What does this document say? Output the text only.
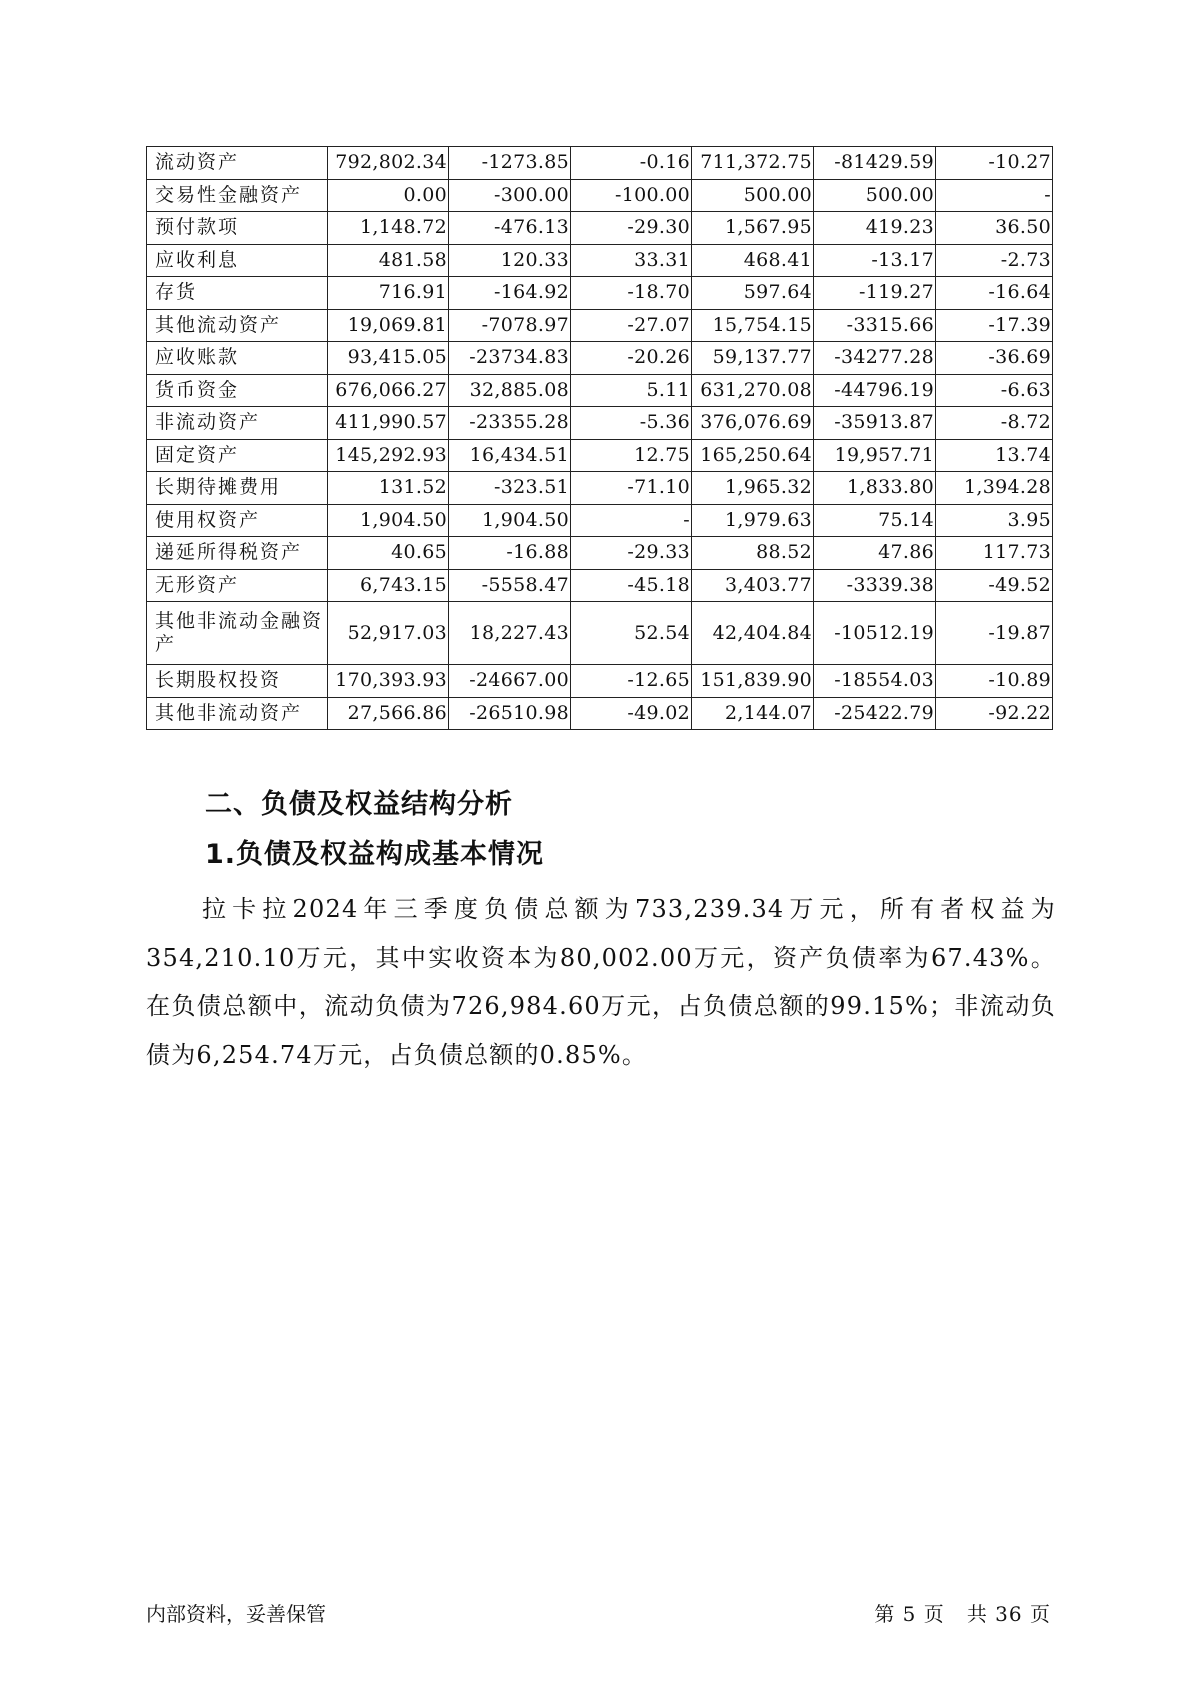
流动资产	792,802.34	-1273.85	-0.16	711,372.75	-81429.59	-10.27
交易性金融资产	0.00	-300.00	-100.00	500.00	500.00	-
预付款项	1,148.72	-476.13	-29.30	1,567.95	419.23	36.50
应收利息	481.58	120.33	33.31	468.41	-13.17	-2.73
存货	716.91	-164.92	-18.70	597.64	-119.27	-16.64
其他流动资产	19,069.81	-7078.97	-27.07	15,754.15	-3315.66	-17.39
应收账款	93,415.05	-23734.83	-20.26	59,137.77	-34277.28	-36.69
货币资金	676,066.27	32,885.08	5.11	631,270.08	-44796.19	-6.63
非流动资产	411,990.57	-23355.28	-5.36	376,076.69	-35913.87	-8.72
固定资产	145,292.93	16,434.51	12.75	165,250.64	19,957.71	13.74
长期待摊费用	131.52	-323.51	-71.10	1,965.32	1,833.80	1,394.28
使用权资产	1,904.50	1,904.50	-	1,979.63	75.14	3.95
递延所得税资产	40.65	-16.88	-29.33	88.52	47.86	117.73
无形资产	6,743.15	-5558.47	-45.18	3,403.77	-3339.38	-49.52
其他非流动金融资产	52,917.03	18,227.43	52.54	42,404.84	-10512.19	-19.87
长期股权投资	170,393.93	-24667.00	-12.65	151,839.90	-18554.03	-10.89
其他非流动资产	27,566.86	-26510.98	-49.02	2,144.07	-25422.79	-92.22
二、负债及权益结构分析
1.负债及权益构成基本情况
拉卡拉2024年三季度负债总额为733,239.34万元，所有者权益为354,210.10万元，其中实收资本为80,002.00万元，资产负债率为67.43%。在负债总额中，流动负债为726,984.60万元，占负债总额的99.15%；非流动负债为6,254.74万元，占负债总额的0.85%。
内部资料，妥善保管	第 5 页   共 36 页
